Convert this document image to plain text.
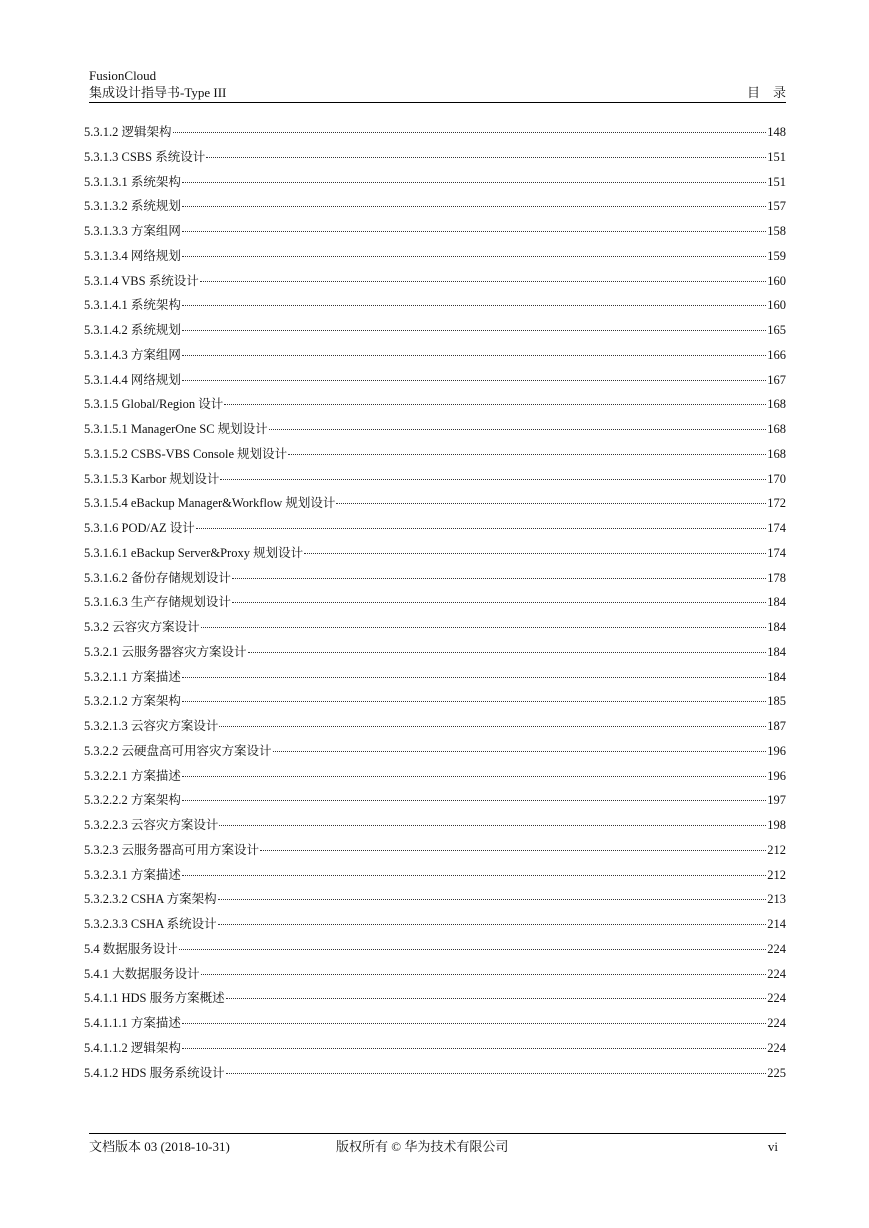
FusionCloud
集成设计指导书-Type III	目　录
5.3.1.2 逻辑架构	148
5.3.1.3 CSBS 系统设计	151
5.3.1.3.1 系统架构	151
5.3.1.3.2 系统规划	157
5.3.1.3.3 方案组网	158
5.3.1.3.4 网络规划	159
5.3.1.4 VBS 系统设计	160
5.3.1.4.1 系统架构	160
5.3.1.4.2 系统规划	165
5.3.1.4.3 方案组网	166
5.3.1.4.4 网络规划	167
5.3.1.5 Global/Region 设计	168
5.3.1.5.1 ManagerOne SC 规划设计	168
5.3.1.5.2 CSBS-VBS Console 规划设计	168
5.3.1.5.3 Karbor 规划设计	170
5.3.1.5.4 eBackup Manager&Workflow 规划设计	172
5.3.1.6 POD/AZ 设计	174
5.3.1.6.1 eBackup Server&Proxy 规划设计	174
5.3.1.6.2 备份存储规划设计	178
5.3.1.6.3 生产存储规划设计	184
5.3.2 云容灾方案设计	184
5.3.2.1 云服务器容灾方案设计	184
5.3.2.1.1 方案描述	184
5.3.2.1.2 方案架构	185
5.3.2.1.3 云容灾方案设计	187
5.3.2.2 云硬盘高可用容灾方案设计	196
5.3.2.2.1 方案描述	196
5.3.2.2.2 方案架构	197
5.3.2.2.3 云容灾方案设计	198
5.3.2.3 云服务器高可用方案设计	212
5.3.2.3.1 方案描述	212
5.3.2.3.2 CSHA 方案架构	213
5.3.2.3.3 CSHA 系统设计	214
5.4 数据服务设计	224
5.4.1 大数据服务设计	224
5.4.1.1 HDS 服务方案概述	224
5.4.1.1.1 方案描述	224
5.4.1.1.2 逻辑架构	224
5.4.1.2 HDS 服务系统设计	225
文档版本 03 (2018-10-31)	版权所有 © 华为技术有限公司	vi
